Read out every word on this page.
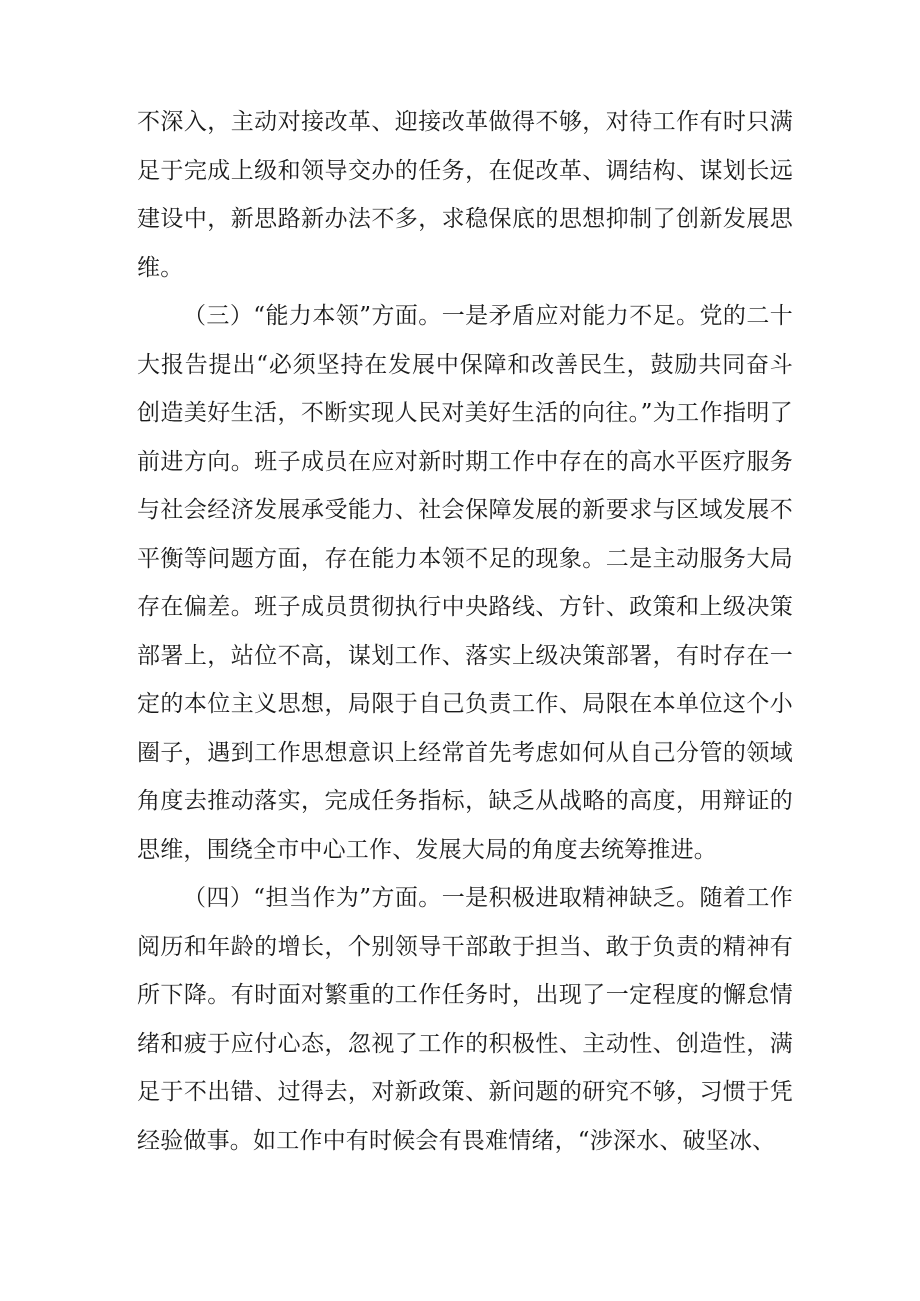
不深入，主动对接改革、迎接改革做得不够，对待工作有时只满足于完成上级和领导交办的任务，在促改革、调结构、谋划长远建设中，新思路新办法不多，求稳保底的思想抑制了创新发展思维。

（三）“能力本领”方面。一是矛盾应对能力不足。党的二十大报告提出“必须坚持在发展中保障和改善民生，鼓励共同奋斗创造美好生活，不断实现人民对美好生活的向往。”为工作指明了前进方向。班子成员在应对新时期工作中存在的高水平医疗服务与社会经济发展承受能力、社会保障发展的新要求与区域发展不平衡等问题方面，存在能力本领不足的现象。二是主动服务大局存在偏差。班子成员贯彻执行中央路线、方针、政策和上级决策部署上，站位不高，谋划工作、落实上级决策部署，有时存在一定的本位主义思想，局限于自己负责工作、局限在本单位这个小圈子，遇到工作思想意识上经常首先考虑如何从自己分管的领域角度去推动落实，完成任务指标，缺乏从战略的高度，用辩证的思维，围绕全市中心工作、发展大局的角度去统筹推进。

（四）“担当作为”方面。一是积极进取精神缺乏。随着工作阅历和年龄的增长，个别领导干部敢于担当、敢于负责的精神有所下降。有时面对繁重的工作任务时，出现了一定程度的懈怠情绪和疲于应付心态，忽视了工作的积极性、主动性、创造性，满足于不出错、过得去，对新政策、新问题的研究不够，习惯于凭经验做事。如工作中有时候会有畏难情绪，“涉深水、破坚冰、
